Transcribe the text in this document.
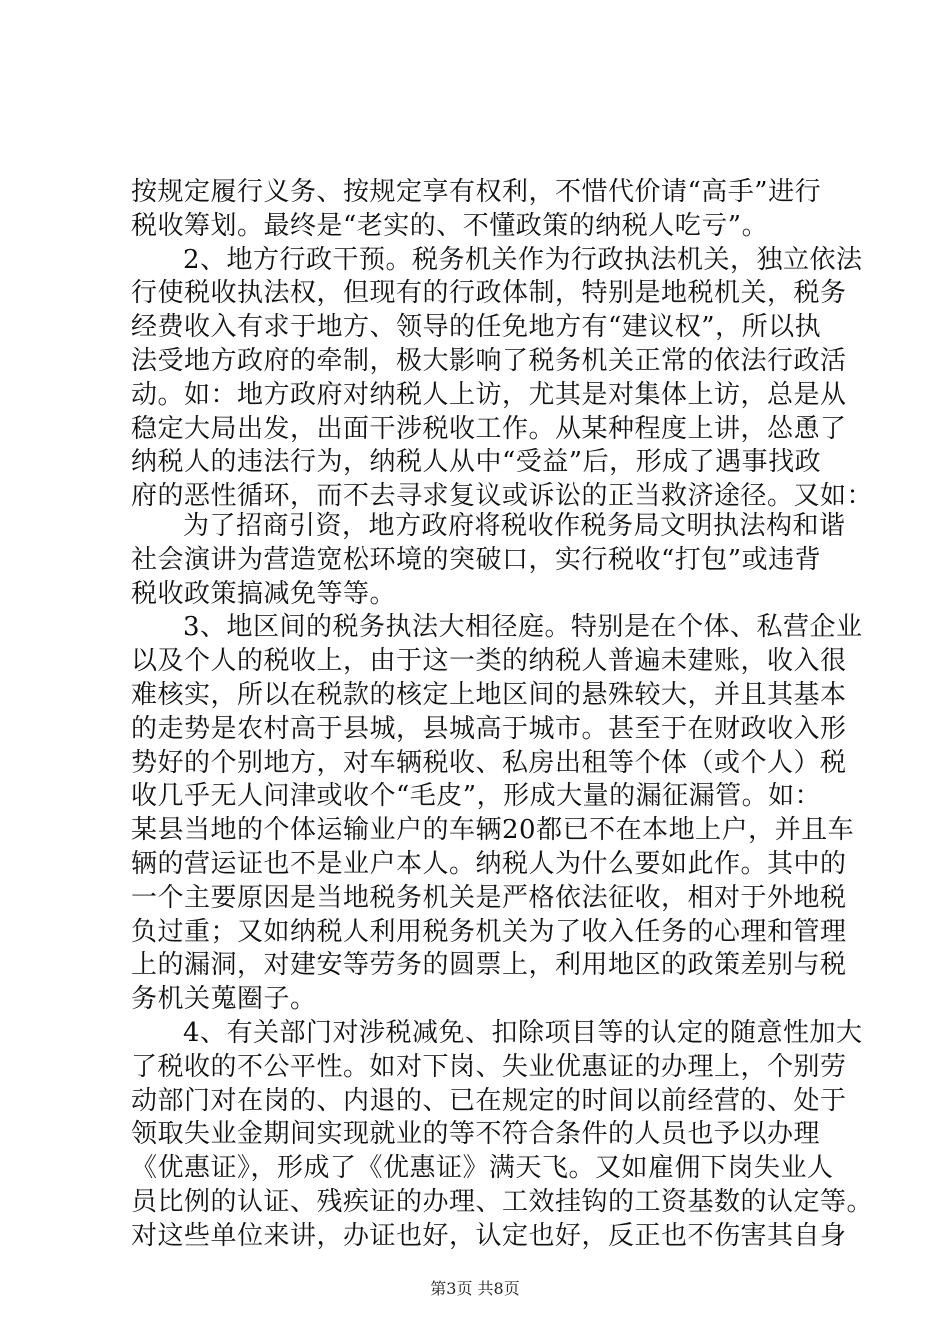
按规定履行义务、按规定享有权利，不惜代价请“高手”进行
税收筹划。最终是“老实的、不懂政策的纳税人吃亏”。
2、地方行政干预。税务机关作为行政执法机关，独立依法
行使税收执法权，但现有的行政体制，特别是地税机关，税务
经费收入有求于地方、领导的任免地方有“建议权”，所以执
法受地方政府的牵制，极大影响了税务机关正常的依法行政活
动。如：地方政府对纳税人上访，尤其是对集体上访，总是从
稳定大局出发，出面干涉税收工作。从某种程度上讲，怂恿了
纳税人的违法行为，纳税人从中“受益”后，形成了遇事找政
府的恶性循环，而不去寻求复议或诉讼的正当救济途径。又如：
为了招商引资，地方政府将税收作税务局文明执法构和谐
社会演讲为营造宽松环境的突破口，实行税收“打包”或违背
税收政策搞减免等等。
3、地区间的税务执法大相径庭。特别是在个体、私营企业
以及个人的税收上，由于这一类的纳税人普遍未建账，收入很
难核实，所以在税款的核定上地区间的悬殊较大，并且其基本
的走势是农村高于县城，县城高于城市。甚至于在财政收入形
势好的个别地方，对车辆税收、私房出租等个体（或个人）税
收几乎无人问津或收个“毛皮”，形成大量的漏征漏管。如：
某县当地的个体运输业户的车辆20都已不在本地上户，并且车
辆的营运证也不是业户本人。纳税人为什么要如此作。其中的
一个主要原因是当地税务机关是严格依法征收，相对于外地税
负过重；又如纳税人利用税务机关为了收入任务的心理和管理
上的漏洞，对建安等劳务的圆票上，利用地区的政策差别与税
务机关蒐圈子。
4、有关部门对涉税减免、扣除项目等的认定的随意性加大
了税收的不公平性。如对下岗、失业优惠证的办理上，个别劳
动部门对在岗的、内退的、已在规定的时间以前经营的、处于
领取失业金期间实现就业的等不符合条件的人员也予以办理
《优惠证》，形成了《优惠证》满天飞。又如雇佣下岗失业人
员比例的认证、残疾证的办理、工效挂钩的工资基数的认定等。
对这些单位来讲，办证也好，认定也好，反正也不伤害其自身
第3页 共8页
